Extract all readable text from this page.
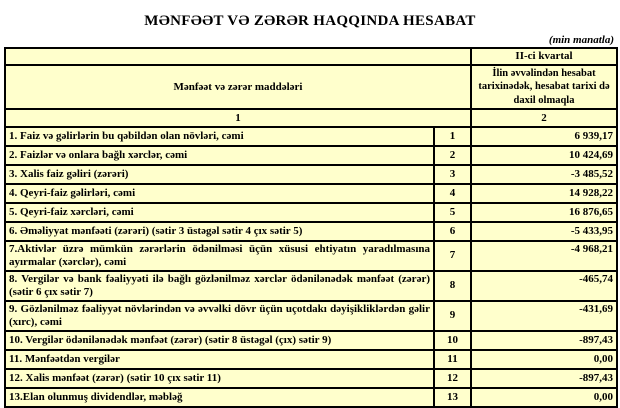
MƏNFƏƏT VƏ ZƏRƏR HAQQINDA HESABAT
(min manatla)
		II-ci kvartal
Mənfəət və zərər maddələri		İlin əvvəlindən hesabat tarixinədək, hesabat tarixi də daxil olmaqla
1		2
1. Faiz və gəlirlərin bu qəbildən olan növləri, cəmi	1	6 939,17
2. Faizlər və onlara bağlı xərclər, cəmi	2	10 424,69
3. Xalis faiz gəliri (zərəri)	3	-3 485,52
4. Qeyri-faiz gəlirləri, cəmi	4	14 928,22
5. Qeyri-faiz xərcləri, cəmi	5	16 876,65
6. Əməliyyat mənfəəti (zərəri) (sətir 3 üstəgəl sətir 4 çıx sətir 5)	6	-5 433,95
7.Aktivlər üzrə mümkün zərərlərin ödənilməsi üçün xüsusi ehtiyatın yaradılmasına ayırmalar (xərclər), cəmi	7	-4 968,21
8. Vergilər və bank fəaliyyəti ilə bağlı gözlənilməz xərclər ödənilənədək mənfəət (zərər) (sətir 6 çıx sətir 7)	8	-465,74
9. Gözlənilməz fəaliyyət növlərindən və əvvəlki dövr üçün uçotdakı dəyişikliklərdən gəlir (xırc), cəmi	9	-431,69
10. Vergilər ödənilənədək mənfəət (zərər) (sətir 8 üstəgəl (çıx) sətir 9)	10	-897,43
11. Mənfəətdən vergilər	11	0,00
12. Xalis mənfəət (zərər) (sətir 10 çıx sətir 11)	12	-897,43
13.Elan olunmuş dividendlər, məbləğ	13	0,00
